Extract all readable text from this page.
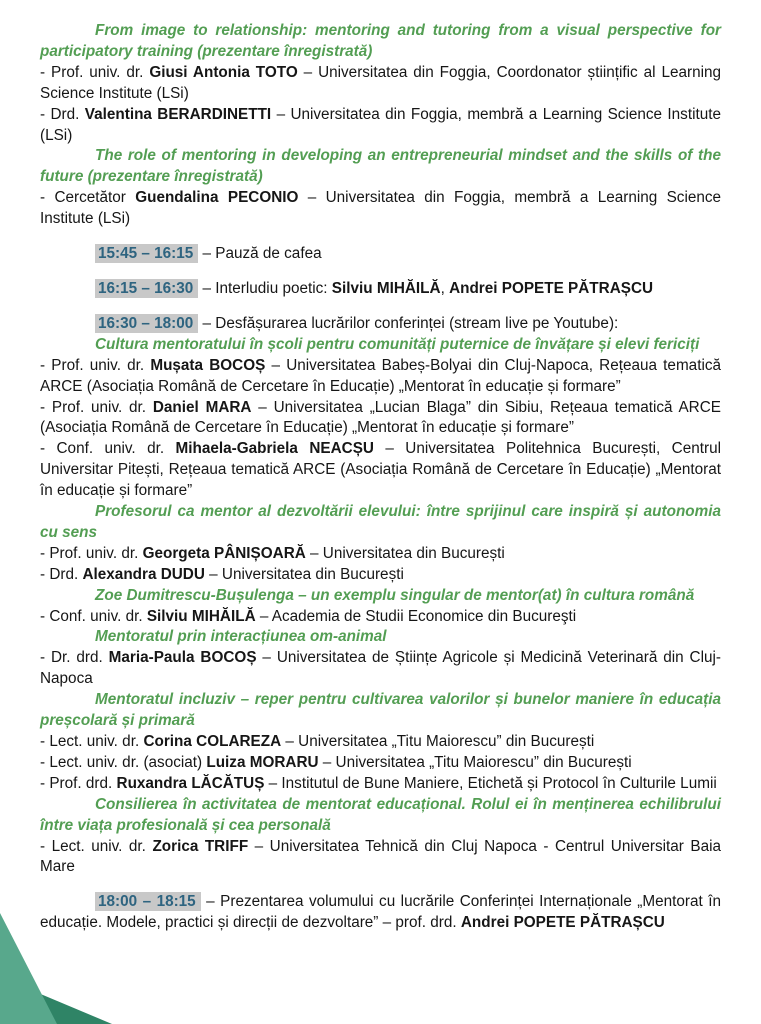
From image to relationship: mentoring and tutoring from a visual perspective for participatory training (prezentare înregistrată)

- Prof. univ. dr. Giusi Antonia TOTO – Universitatea din Foggia, Coordonator științific al Learning Science Institute (LSi)

- Drd. Valentina BERARDINETTI – Universitatea din Foggia, membră a Learning Science Institute (LSi)

The role of mentoring in developing an entrepreneurial mindset and the skills of the future (prezentare înregistrată)

- Cercetător Guendalina PECONIO – Universitatea din Foggia, membră a Learning Science Institute (LSi)

15:45 – 16:15 – Pauză de cafea

16:15 – 16:30 – Interludiu poetic: Silviu MIHĂILĂ, Andrei POPETE PĂTRAȘCU

16:30 – 18:00 – Desfășurarea lucrărilor conferinței (stream live pe Youtube):

Cultura mentoratului în școli pentru comunități puternice de învățare și elevi fericiți

- Prof. univ. dr. Mușata BOCOȘ – Universitatea Babeș-Bolyai din Cluj-Napoca, Rețeaua tematică ARCE (Asociația Română de Cercetare în Educație) „Mentorat în educație și formare”

- Prof. univ. dr. Daniel MARA – Universitatea „Lucian Blaga” din Sibiu, Rețeaua tematică ARCE (Asociația Română de Cercetare în Educație) „Mentorat în educație și formare”

- Conf. univ. dr. Mihaela-Gabriela NEACȘU – Universitatea Politehnica București, Centrul Universitar Pitești, Rețeaua tematică ARCE (Asociația Română de Cercetare în Educație) „Mentorat în educație și formare”

Profesorul ca mentor al dezvoltării elevului: între sprijinul care inspiră și autonomia cu sens

- Prof. univ. dr. Georgeta PÂNIȘOARĂ – Universitatea din București

- Drd. Alexandra DUDU – Universitatea din București

Zoe Dumitrescu-Bușulenga – un exemplu singular de mentor(at) în cultura română

- Conf. univ. dr. Silviu MIHĂILĂ – Academia de Studii Economice din Bucureşti

Mentoratul prin interacțiunea om-animal

- Dr. drd. Maria-Paula BOCOȘ – Universitatea de Științe Agricole și Medicină Veterinară din Cluj-Napoca

Mentoratul incluziv – reper pentru cultivarea valorilor și bunelor maniere în educația preșcolară și primară

- Lect. univ. dr. Corina COLAREZA – Universitatea „Titu Maiorescu” din București

- Lect. univ. dr. (asociat) Luiza MORARU – Universitatea „Titu Maiorescu” din București

- Prof. drd. Ruxandra LĂCĂTUȘ – Institutul de Bune Maniere, Etichetă și Protocol în Culturile Lumii

Consilierea în activitatea de mentorat educațional. Rolul ei în menținerea echilibrului între viața profesională și cea personală

- Lect. univ. dr. Zorica TRIFF – Universitatea Tehnică din Cluj Napoca - Centrul Universitar Baia Mare

18:00 – 18:15 – Prezentarea volumului cu lucrările Conferinței Internaționale „Mentorat în educație. Modele, practici și direcții de dezvoltare” – prof. drd. Andrei POPETE PĂTRAȘCU
